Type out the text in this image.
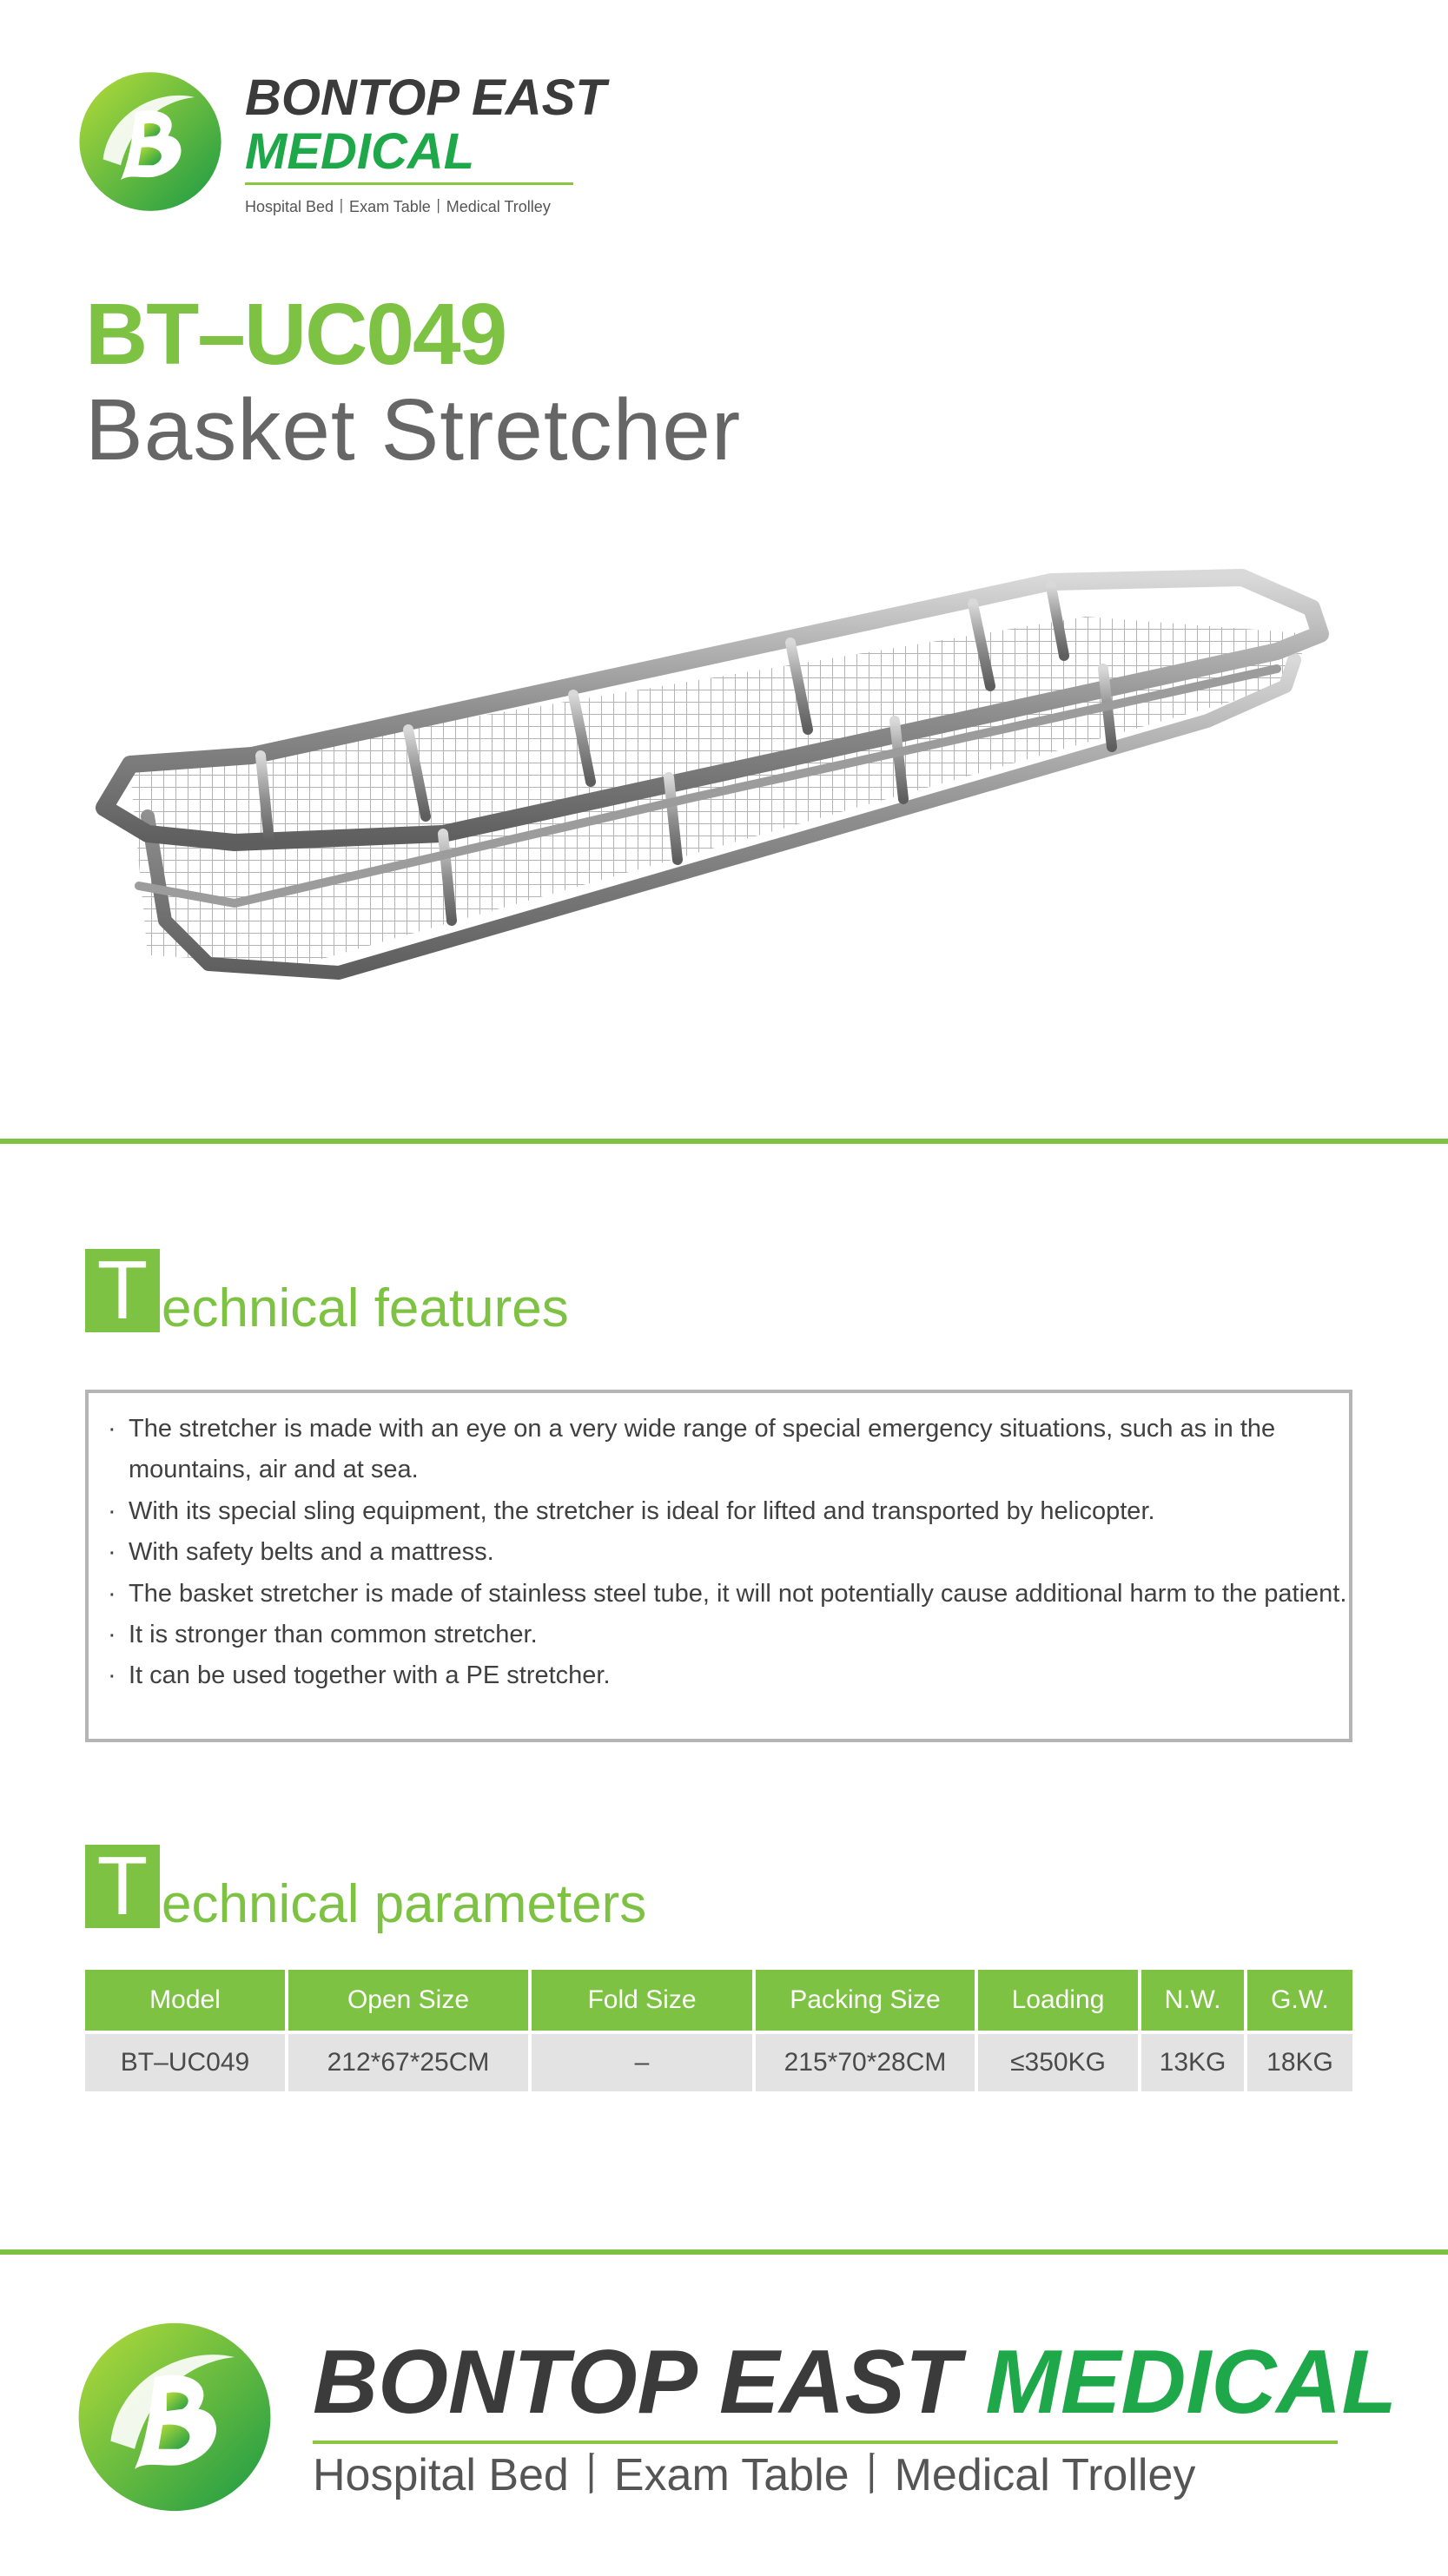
BONTOP EAST
MEDICAL
Hospital Bed丨Exam Table丨Medical Trolley
BT–UC049
Basket Stretcher
T echnical features
· The stretcher is made with an eye on a very wide range of special emergency situations, such as in the mountains, air and at sea.
· With its special sling equipment, the stretcher is ideal for lifted and transported by helicopter.
· With safety belts and a mattress.
· The basket stretcher is made of stainless steel tube, it will not potentially cause additional harm to the patient.
· It is stronger than common stretcher.
· It can be used together with a PE stretcher.
T echnical parameters
Model	Open Size	Fold Size	Packing Size	Loading	N.W.	G.W.
BT–UC049	212*67*25CM	–	215*70*28CM	≤350KG	13KG	18KG
BONTOP EAST MEDICAL
Hospital Bed丨Exam Table丨Medical Trolley
